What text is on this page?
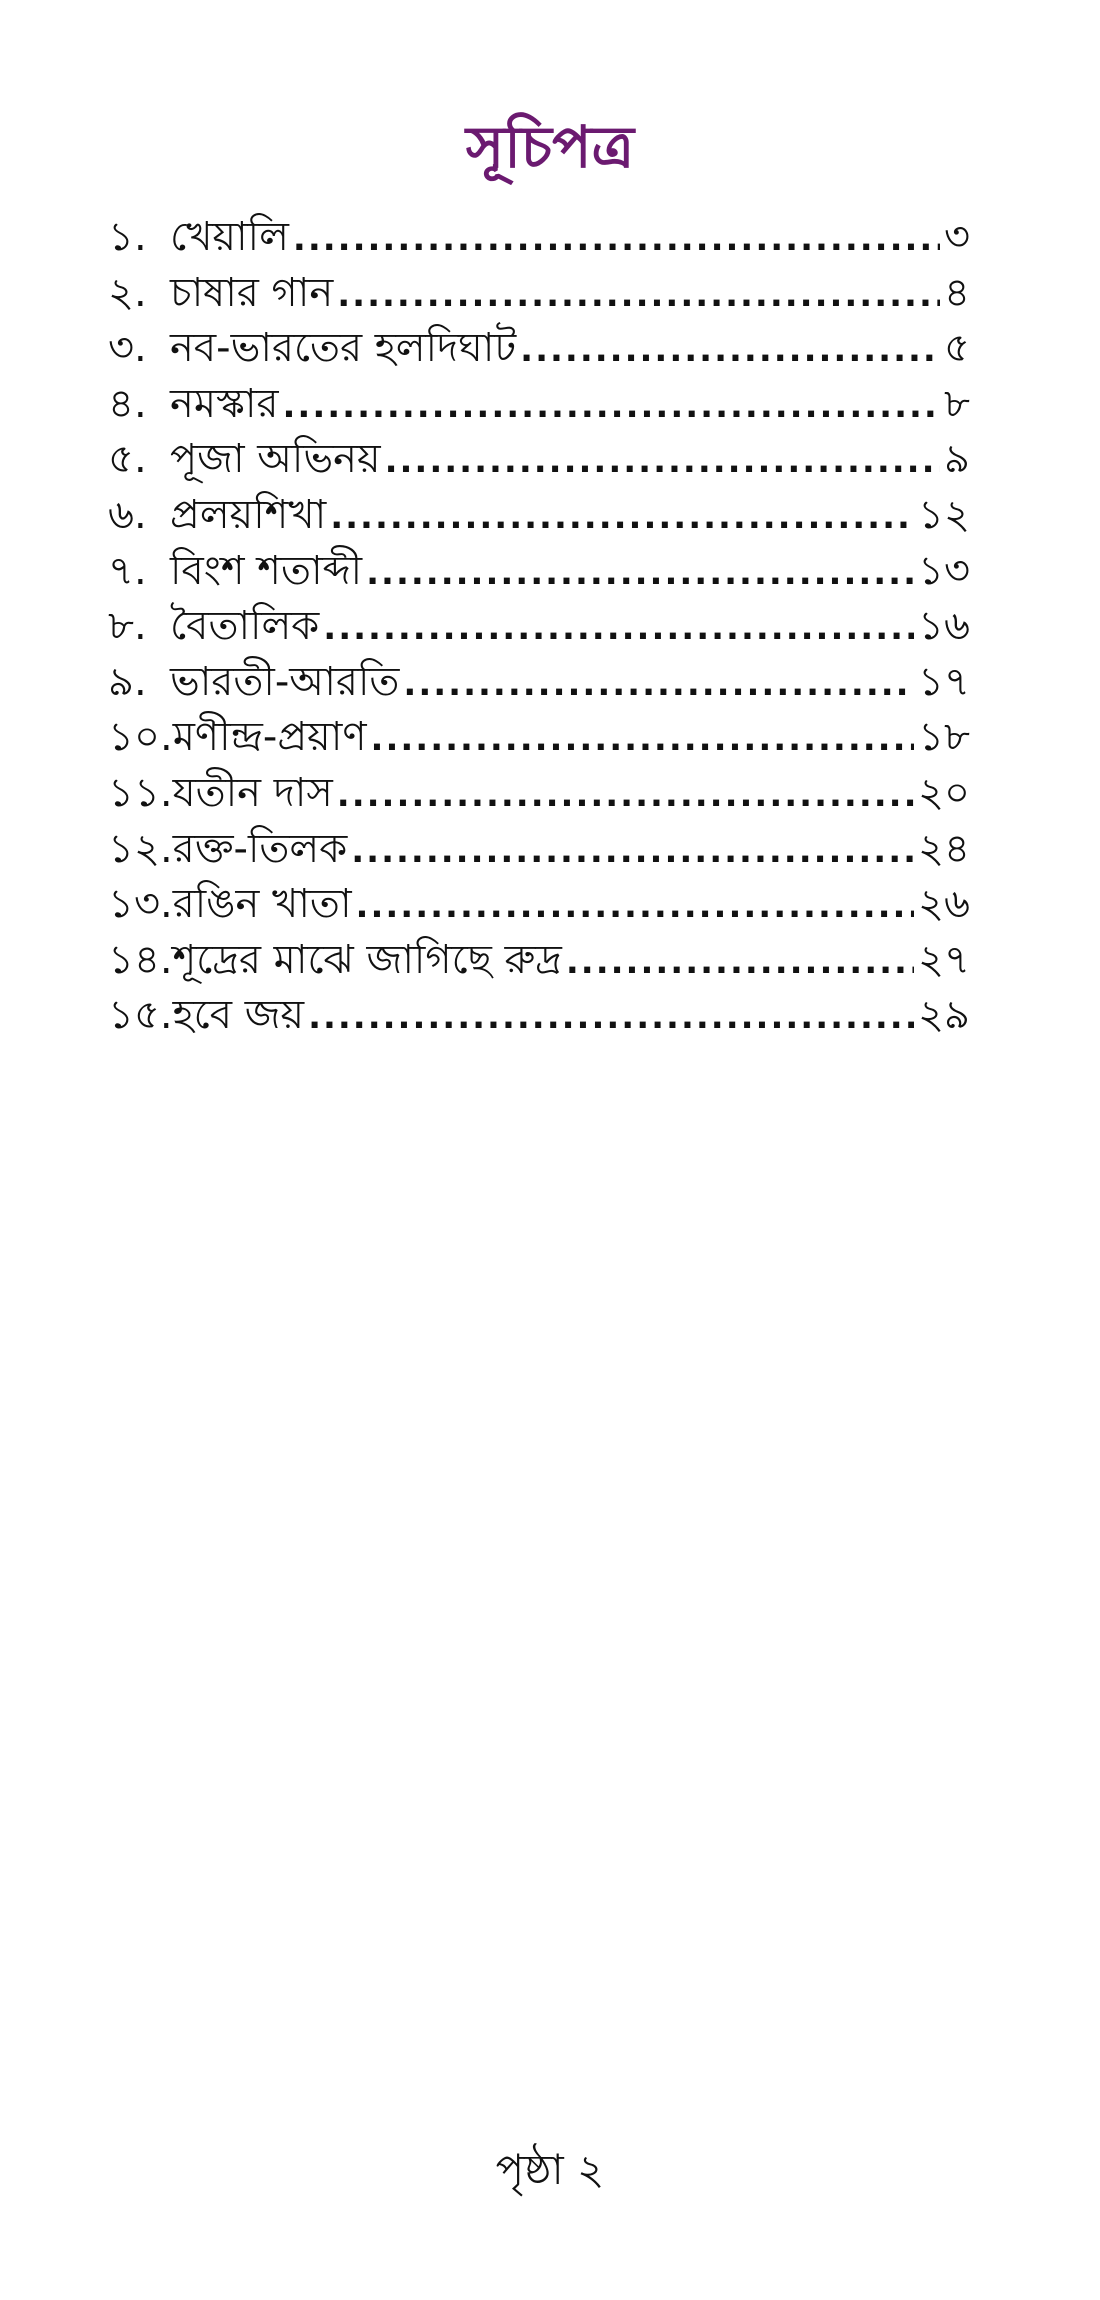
সূচিপত্র
১. খেয়ালি .....	৩
২. চাষার গান .....	৪
৩. নব-ভারতের হলদিঘাট .....	৫
৪. নমস্কার .....	৮
৫. পূজা অভিনয় .....	৯
৬. প্রলয়শিখা .....	১২
৭. বিংশ শতাব্দী .....	১৩
৮. বৈতালিক .....	১৬
৯. ভারতী-আরতি .....	১৭
১০. মণীন্দ্র-প্রয়াণ .....	১৮
১১. যতীন দাস .....	২০
১২. রক্ত-তিলক .....	২৪
১৩. রঙিন খাতা .....	২৬
১৪. শূদ্রের মাঝে জাগিছে রুদ্র .....	২৭
১৫. হবে জয় .....	২৯
পৃষ্ঠা ২
